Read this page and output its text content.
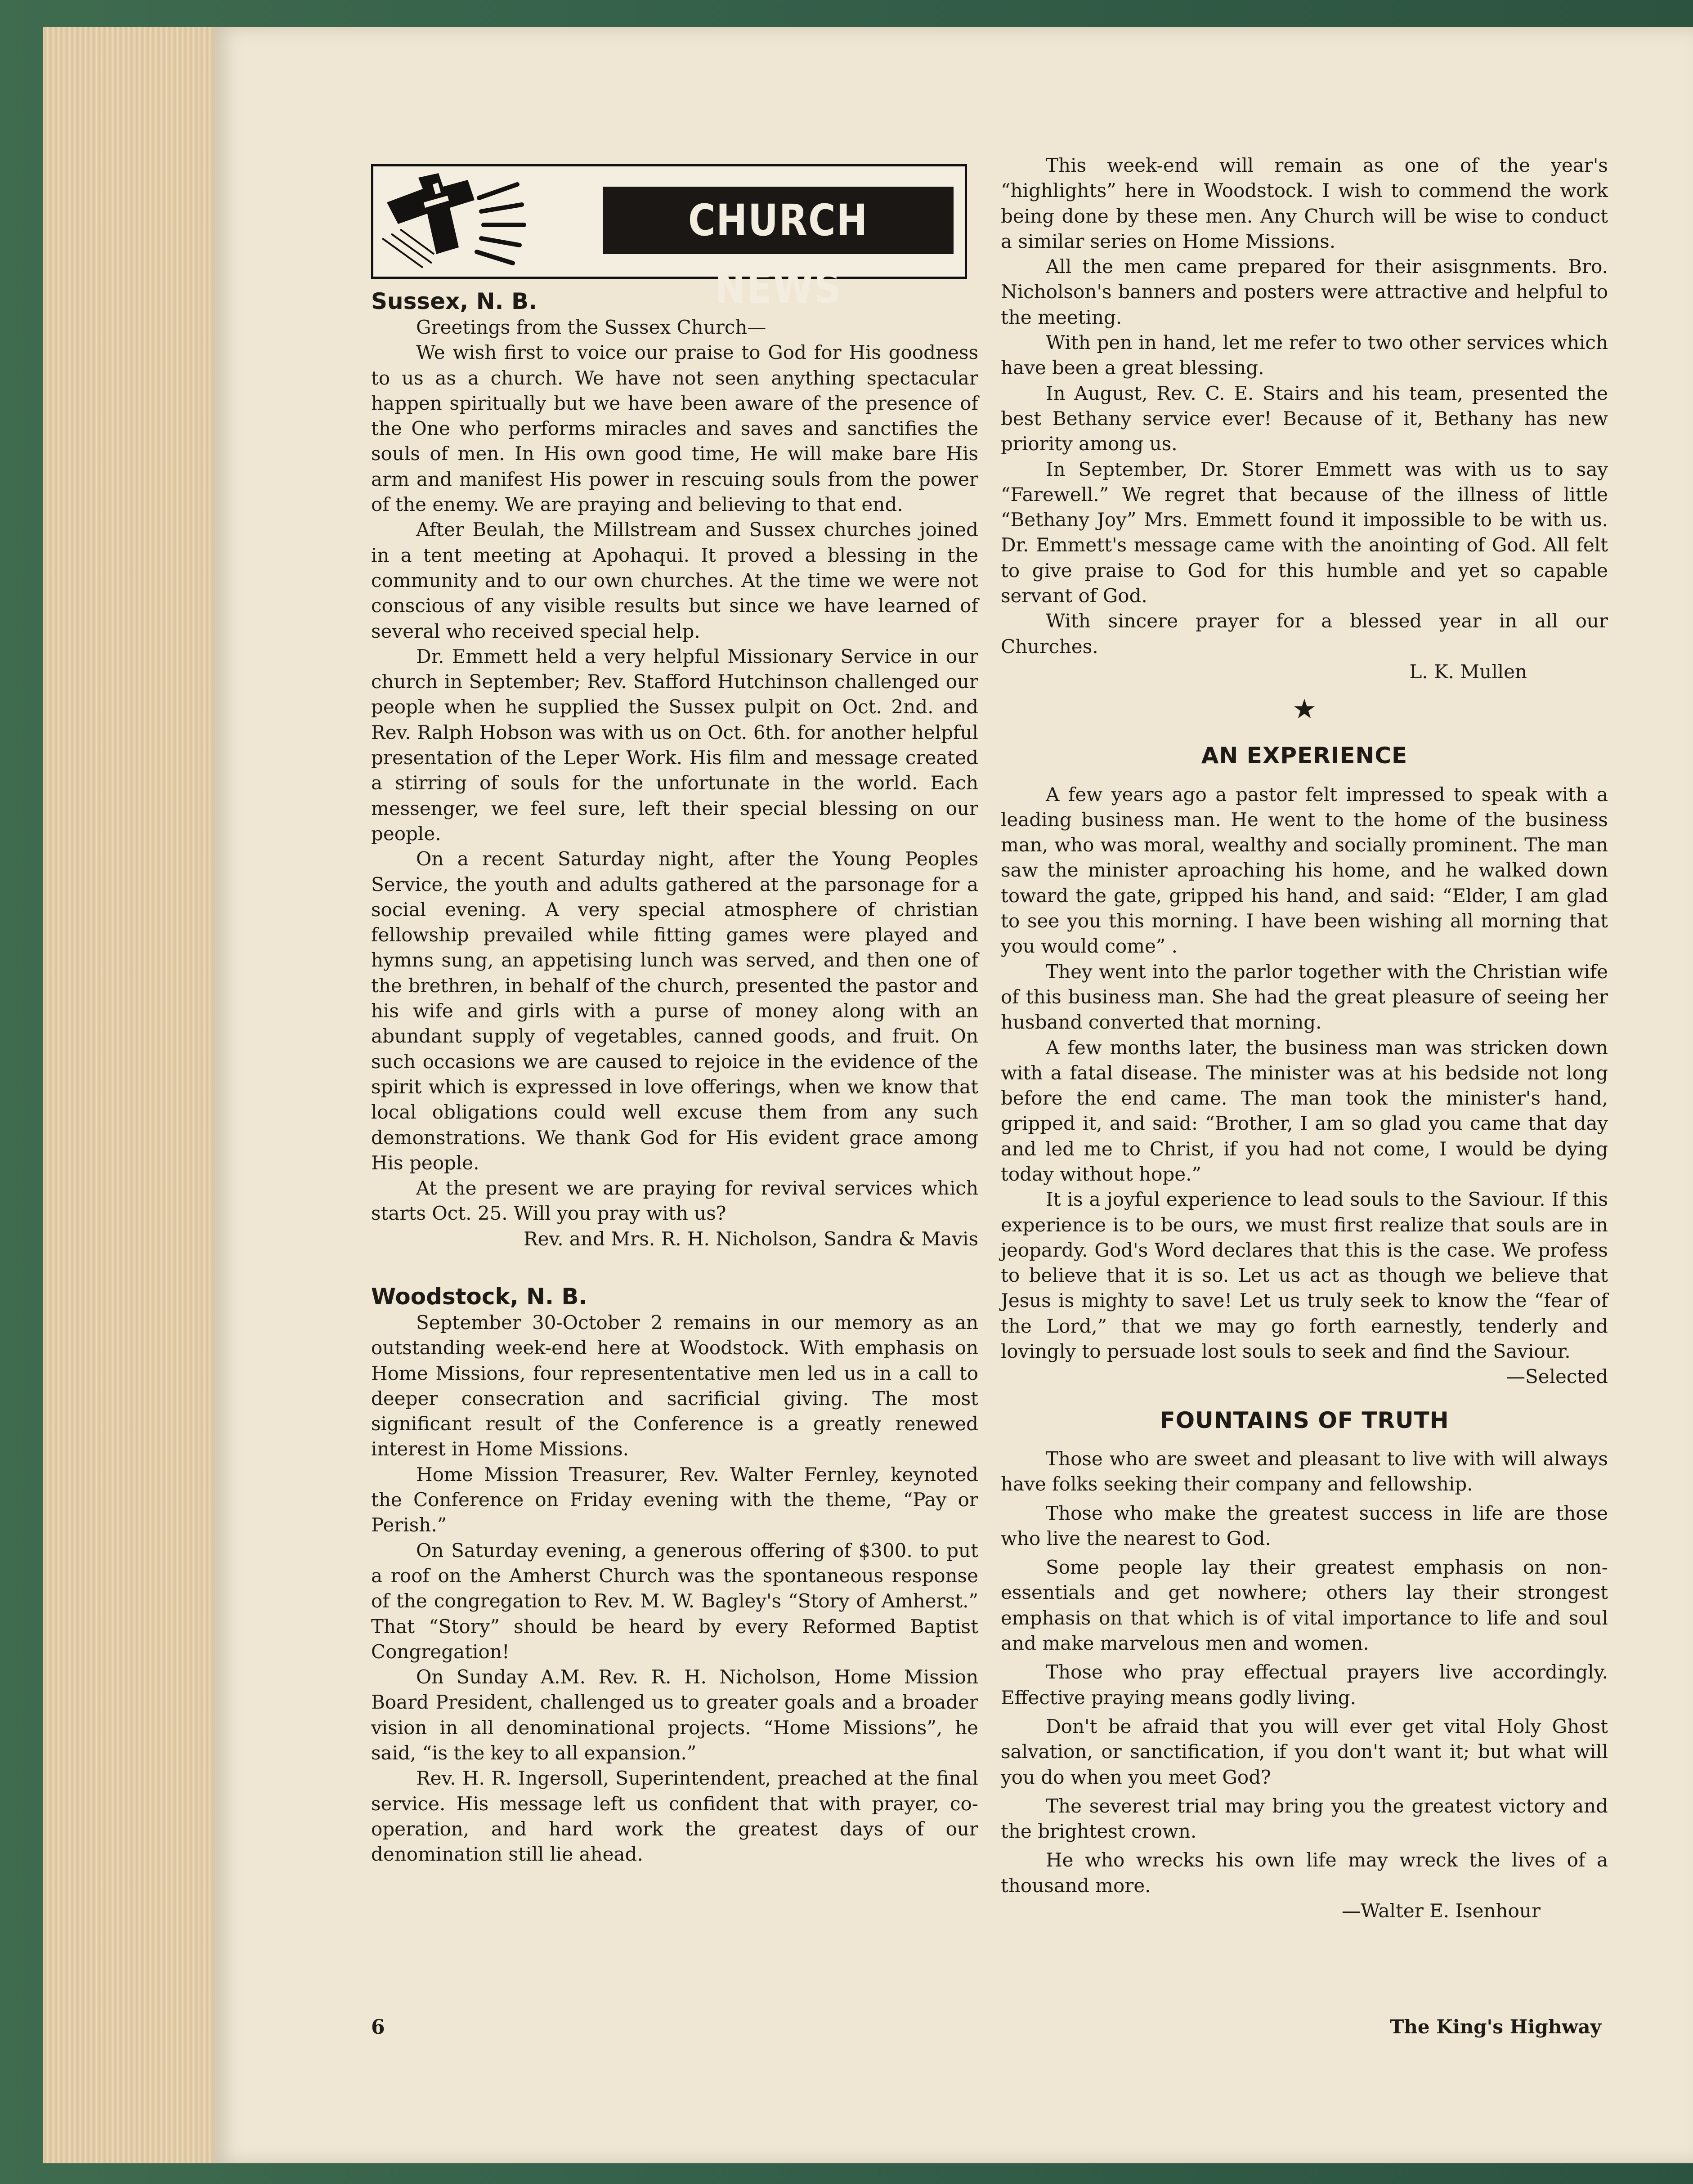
CHURCH NEWS

Sussex, N. B.

Greetings from the Sussex Church—

We wish first to voice our praise to God for His goodness to us as a church. We have not seen anything spectacular happen spiritually but we have been aware of the presence of the One who performs miracles and saves and sanctifies the souls of men. In His own good time, He will make bare His arm and manifest His power in rescuing souls from the power of the enemy. We are praying and believing to that end.

After Beulah, the Millstream and Sussex churches joined in a tent meeting at Apohaqui. It proved a blessing in the community and to our own churches. At the time we were not conscious of any visible results but since we have learned of several who received special help.

Dr. Emmett held a very helpful Missionary Service in our church in September; Rev. Stafford Hutchinson challenged our people when he supplied the Sussex pulpit on Oct. 2nd. and Rev. Ralph Hobson was with us on Oct. 6th. for another helpful presentation of the Leper Work. His film and message created a stirring of souls for the unfortunate in the world. Each messenger, we feel sure, left their special blessing on our people.

On a recent Saturday night, after the Young Peoples Service, the youth and adults gathered at the parsonage for a social evening. A very special atmosphere of christian fellowship prevailed while fitting games were played and hymns sung, an appetising lunch was served, and then one of the brethren, in behalf of the church, presented the pastor and his wife and girls with a purse of money along with an abundant supply of vegetables, canned goods, and fruit. On such occasions we are caused to rejoice in the evidence of the spirit which is expressed in love offerings, when we know that local obligations could well excuse them from any such demonstrations. We thank God for His evident grace among His people.

At the present we are praying for revival services which starts Oct. 25. Will you pray with us?

Rev. and Mrs. R. H. Nicholson, Sandra & Mavis

Woodstock, N. B.

September 30-October 2 remains in our memory as an outstanding week-end here at Woodstock. With emphasis on Home Missions, four represententative men led us in a call to deeper consecration and sacrificial giving. The most significant result of the Conference is a greatly renewed interest in Home Missions.

Home Mission Treasurer, Rev. Walter Fernley, keynoted the Conference on Friday evening with the theme, “Pay or Perish.”

On Saturday evening, a generous offering of $300. to put a roof on the Amherst Church was the spontaneous response of the congregation to Rev. M. W. Bagley's “Story of Amherst.” That “Story” should be heard by every Reformed Baptist Congregation!

On Sunday A.M. Rev. R. H. Nicholson, Home Mission Board President, challenged us to greater goals and a broader vision in all denominational projects. “Home Missions”, he said, “is the key to all expansion.”

Rev. H. R. Ingersoll, Superintendent, preached at the final service. His message left us confident that with prayer, co-operation, and hard work the greatest days of our denomination still lie ahead.

This week-end will remain as one of the year's “highlights” here in Woodstock. I wish to commend the work being done by these men. Any Church will be wise to conduct a similar series on Home Missions.

All the men came prepared for their asisgnments. Bro. Nicholson's banners and posters were attractive and helpful to the meeting.

With pen in hand, let me refer to two other services which have been a great blessing.

In August, Rev. C. E. Stairs and his team, presented the best Bethany service ever! Because of it, Bethany has new priority among us.

In September, Dr. Storer Emmett was with us to say “Farewell.” We regret that because of the illness of little “Bethany Joy” Mrs. Emmett found it impossible to be with us. Dr. Emmett's message came with the anointing of God. All felt to give praise to God for this humble and yet so capable servant of God.

With sincere prayer for a blessed year in all our Churches.

L. K. Mullen

★
AN EXPERIENCE

A few years ago a pastor felt impressed to speak with a leading business man. He went to the home of the business man, who was moral, wealthy and socially prominent. The man saw the minister aproaching his home, and he walked down toward the gate, gripped his hand, and said: “Elder, I am glad to see you this morning. I have been wishing all morning that you would come” .

They went into the parlor together with the Christian wife of this business man. She had the great pleasure of seeing her husband converted that morning.

A few months later, the business man was stricken down with a fatal disease. The minister was at his bedside not long before the end came. The man took the minister's hand, gripped it, and said: “Brother, I am so glad you came that day and led me to Christ, if you had not come, I would be dying today without hope.”

It is a joyful experience to lead souls to the Saviour. If this experience is to be ours, we must first realize that souls are in jeopardy. God's Word declares that this is the case. We profess to believe that it is so. Let us act as though we believe that Jesus is mighty to save! Let us truly seek to know the “fear of the Lord,” that we may go forth earnestly, tenderly and lovingly to persuade lost souls to seek and find the Saviour.

—Selected

FOUNTAINS OF TRUTH

Those who are sweet and pleasant to live with will always have folks seeking their company and fellowship.

Those who make the greatest success in life are those who live the nearest to God.

Some people lay their greatest emphasis on non-essentials and get nowhere; others lay their strongest emphasis on that which is of vital importance to life and soul and make marvelous men and women.

Those who pray effectual prayers live accordingly. Effective praying means godly living.

Don't be afraid that you will ever get vital Holy Ghost salvation, or sanctification, if you don't want it; but what will you do when you meet God?

The severest trial may bring you the greatest victory and the brightest crown.

He who wrecks his own life may wreck the lives of a thousand more.

—Walter E. Isenhour

6	The King's Highway
